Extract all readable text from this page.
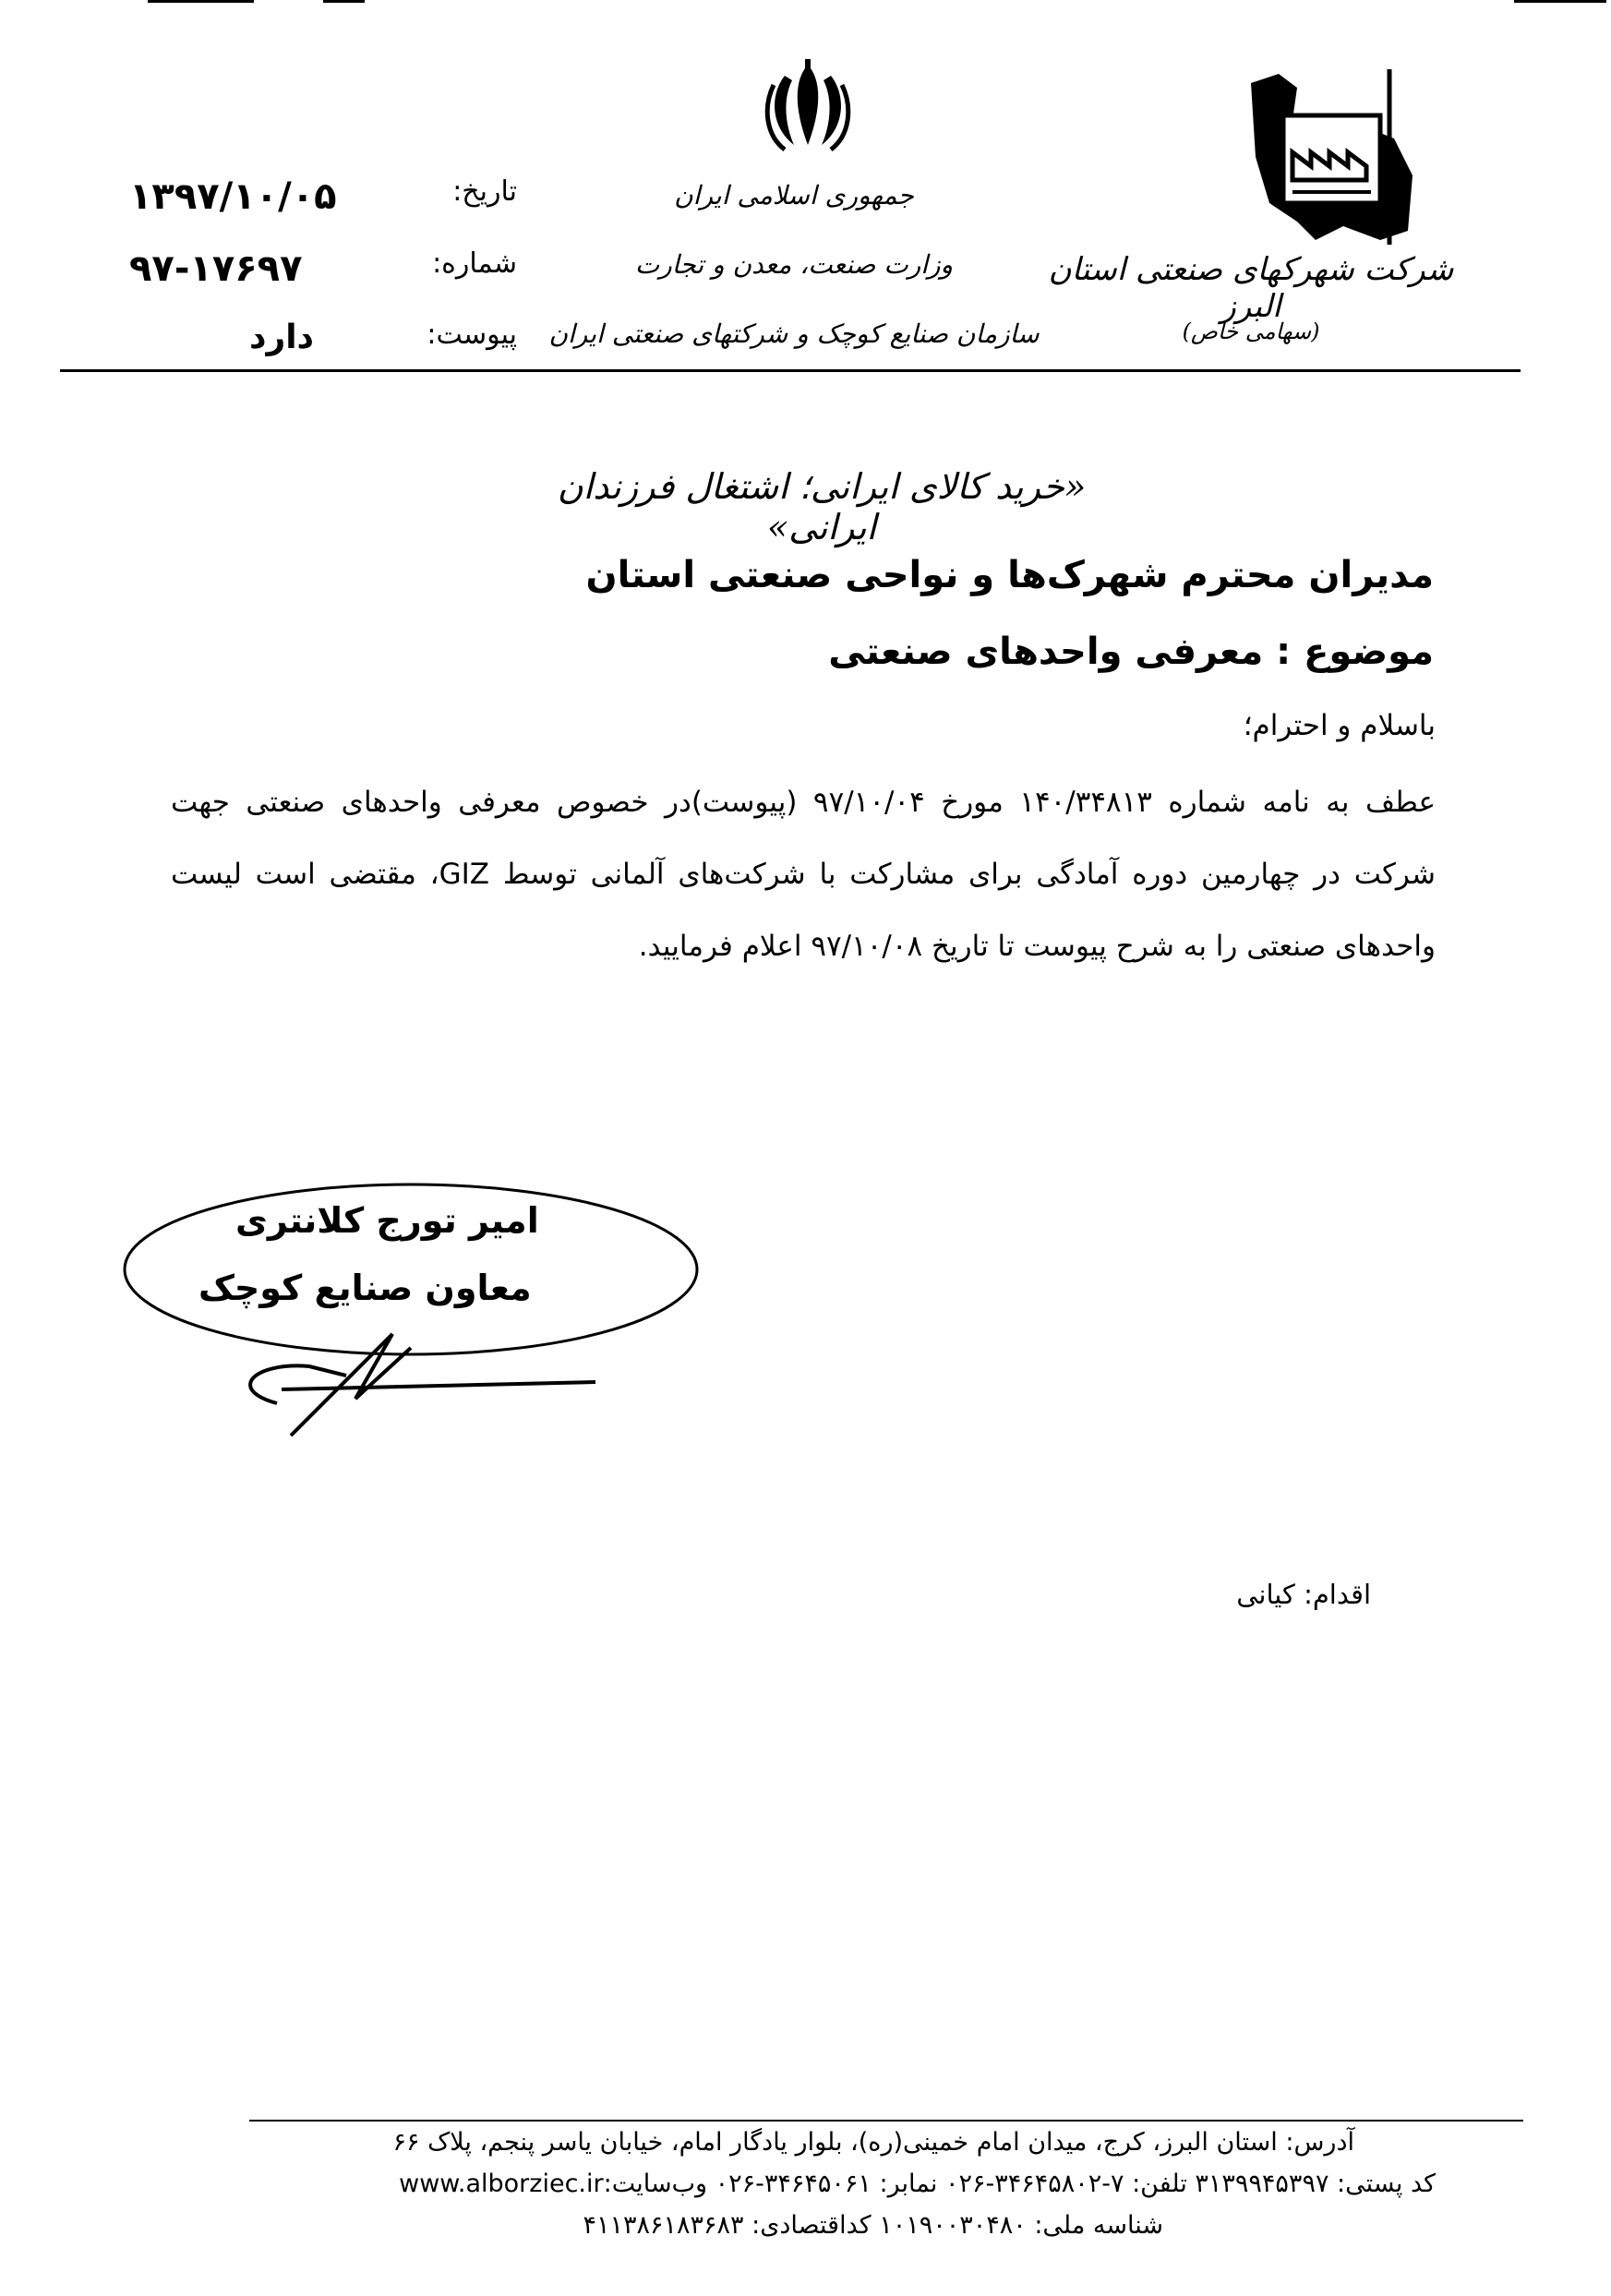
تاریخ:
۱۳۹۷/۱۰/۰۵
شماره:
۹۷-۱۷۶۹۷
پیوست:
دارد
جمهوری اسلامی ایران
وزارت صنعت، معدن و تجارت
سازمان صنایع کوچک و شرکتهای صنعتی ایران
شرکت شهرکهای صنعتی استان البرز
(سهامی خاص)
«خرید کالای ایرانی؛ اشتغال فرزندان ایرانی»
مدیران محترم شهرک‌ها و نواحی صنعتی استان
موضوع : معرفی واحدهای صنعتی
باسلام و احترام؛
عطف به نامه شماره ۱۴۰/۳۴۸۱۳ مورخ ۹۷/۱۰/۰۴ (پیوست)در خصوص معرفی واحدهای صنعتی جهت شرکت در چهارمین دوره آمادگی برای مشارکت با شرکت‌های آلمانی توسط GIZ، مقتضی است لیست واحدهای صنعتی را به شرح پیوست تا تاریخ ۹۷/۱۰/۰۸ اعلام فرمایید.
امیر تورج کلانتری
معاون صنایع کوچک
اقدام: کیانی
آدرس: استان البرز، کرج، میدان امام خمینی(ره)، بلوار یادگار امام، خیابان یاسر پنجم، پلاک ۶۶
کد پستی: ۳۱۳۹۹۴۵۳۹۷ تلفن: ۷-۳۴۶۴۵۸۰۲-۰۲۶ نمابر: ۳۴۶۴۵۰۶۱-۰۲۶ وب‌سایت:www.alborziec.ir
شناسه ملی: ۱۰۱۹۰۰۳۰۴۸۰ کداقتصادی: ۴۱۱۳۸۶۱۸۳۶۸۳
